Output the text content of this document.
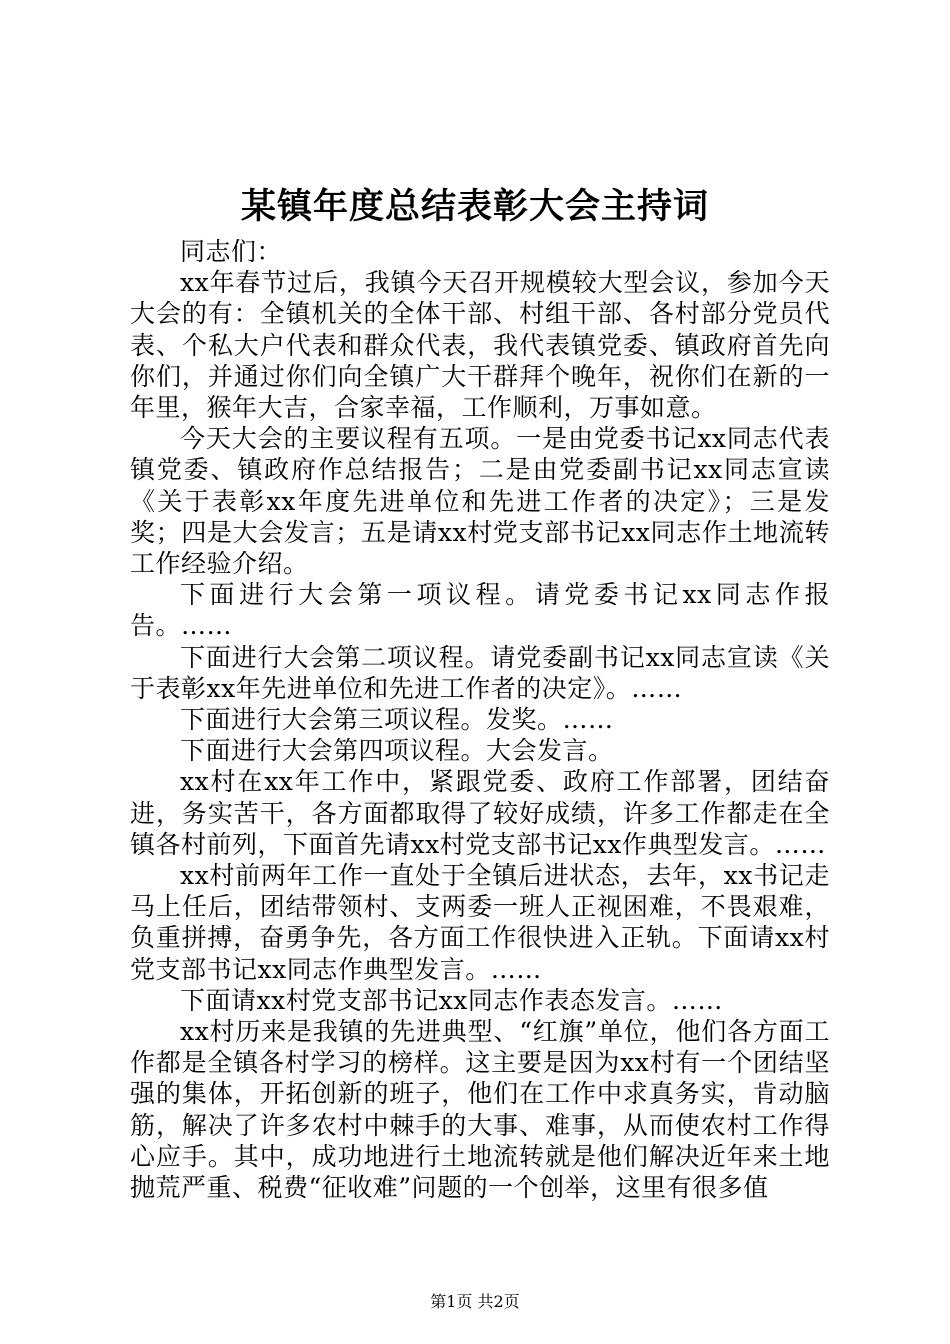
某镇年度总结表彰大会主持词

同志们：

xx年春节过后，我镇今天召开规模较大型会议，参加今天大会的有：全镇机关的全体干部、村组干部、各村部分党员代表、个私大户代表和群众代表，我代表镇党委、镇政府首先向你们，并通过你们向全镇广大干群拜个晚年，祝你们在新的一年里，猴年大吉，合家幸福，工作顺利，万事如意。

今天大会的主要议程有五项。一是由党委书记xx同志代表镇党委、镇政府作总结报告；二是由党委副书记xx同志宣读《关于表彰xx年度先进单位和先进工作者的决定》；三是发奖；四是大会发言；五是请xx村党支部书记xx同志作土地流转工作经验介绍。

下面进行大会第一项议程。请党委书记xx同志作报告。……

下面进行大会第二项议程。请党委副书记xx同志宣读《关于表彰xx年先进单位和先进工作者的决定》。……

下面进行大会第三项议程。发奖。……

下面进行大会第四项议程。大会发言。

xx村在xx年工作中，紧跟党委、政府工作部署，团结奋进，务实苦干，各方面都取得了较好成绩，许多工作都走在全镇各村前列，下面首先请xx村党支部书记xx作典型发言。……

xx村前两年工作一直处于全镇后进状态，去年，xx书记走马上任后，团结带领村、支两委一班人正视困难，不畏艰难，负重拼搏，奋勇争先，各方面工作很快进入正轨。下面请xx村党支部书记xx同志作典型发言。……

下面请xx村党支部书记xx同志作表态发言。……

xx村历来是我镇的先进典型、“红旗”单位，他们各方面工作都是全镇各村学习的榜样。这主要是因为xx村有一个团结坚强的集体，开拓创新的班子，他们在工作中求真务实，肯动脑筋，解决了许多农村中棘手的大事、难事，从而使农村工作得心应手。其中，成功地进行土地流转就是他们解决近年来土地抛荒严重、税费“征收难”问题的一个创举，这里有很多值

第1页 共2页
